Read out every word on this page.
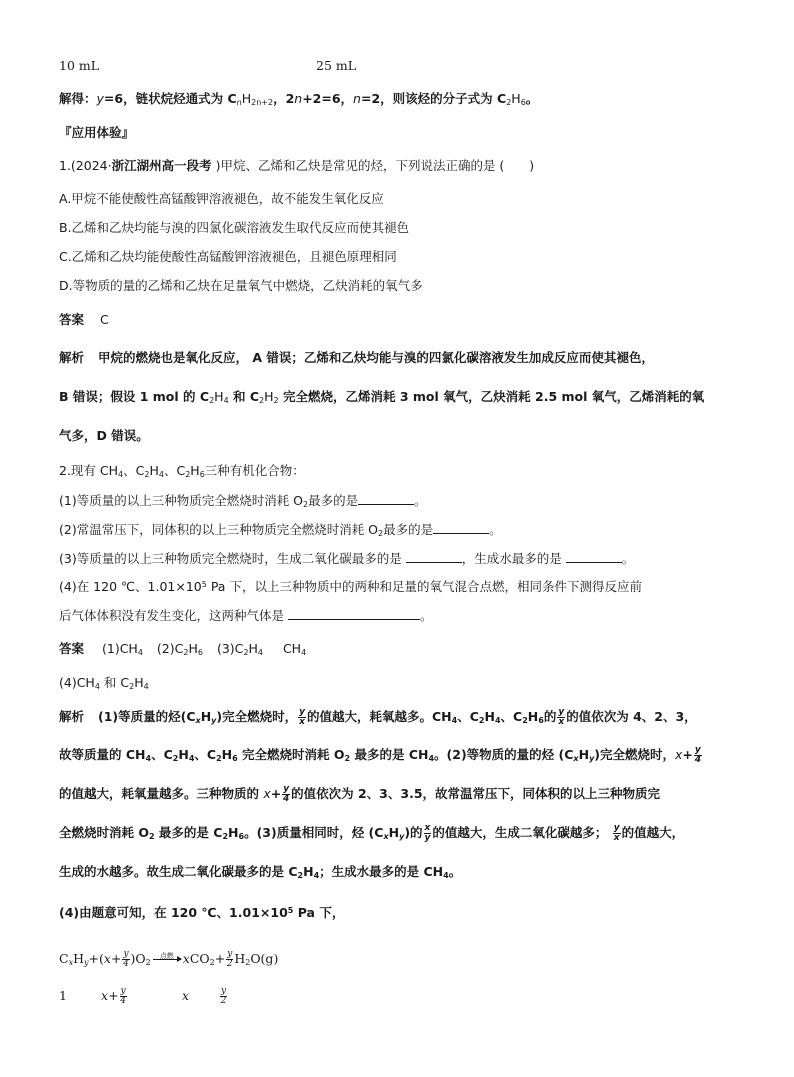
10 mL	25 mL
解得：y=6，链状烷烃通式为 $C_nH_{2n+2}$，2n+2=6，n=2，则该烃的分子式为 $C_2H_6$。
『应用体验』
1.(2024·浙江湖州高一段考 )甲烷、乙烯和乙炔是常见的烃，下列说法正确的是 (　　)
A.甲烷不能使酸性高锰酸钾溶液褪色，故不能发生氧化反应
B.乙烯和乙炔均能与溴的四氯化碳溶液发生取代反应而使其褪色
C.乙烯和乙炔均能使酸性高锰酸钾溶液褪色，且褪色原理相同
D.等物质的量的乙烯和乙炔在足量氧气中燃烧，乙炔消耗的氧气多
答案 C
解析 甲烷的燃烧也是氧化反应， A 错误；乙烯和乙炔均能与溴的四氯化碳溶液发生加成反应而使其褪色，
B 错误；假设 1 mol 的 $C_2H_4$ 和 $C_2H_2$ 完全燃烧，乙烯消耗 3 mol 氧气，乙炔消耗 2.5 mol 氧气，乙烯消耗的氧
气多，D 错误。
2.现有 $CH_4$、$C_2H_4$、$C_2H_6$三种有机化合物：
(1)等质量的以上三种物质完全燃烧时消耗 $O_2$最多的是	。
(2)常温常压下，同体积的以上三种物质完全燃烧时消耗 $O_2$最多的是	。
(3)等质量的以上三种物质完全燃烧时，生成二氧化碳最多的是	，生成水最多的是	。
(4)在 120 ℃、$1.01\times 10^5$ Pa 下，以上三种物质中的两种和足量的氧气混合点燃，相同条件下测得反应前
后气体体积没有发生变化，这两种气体是	。
答案 $(1)CH_4$ $(2)C_2H_6$ $(3)C_2H_4$ $CH_4$
$(4)CH_4$ 和 $C_2H_4$
解析 (1)等质量的烃$(C_xH_y)$完全燃烧时， $\frac{y}{x}$ 的值越大，耗氧越多。$CH_4$、$C_2H_4$、$C_2H_6$的 $\frac{y}{x}$ 的值依次为 4、2、3，
故等质量的 $CH_4$、$C_2H_4$、$C_2H_6$ 完全燃烧时消耗 $O_2$ 最多的是 $CH_4$。(2)等物质的量的烃 $(C_xH_y)$完全燃烧时，$x+ \frac{y}{4}$
的值越大，耗氧量越多。三种物质的 $x+ \frac{y}{4}$ 的值依次为 2、3、3.5，故常温常压下，同体积的以上三种物质完
全燃烧时消耗 $O_2$ 最多的是 $C_2H_6$。(3)质量相同时，烃 $(C_xH_y)$的 $\frac{x}{y}$ 的值越大，生成二氧化碳越多； $\frac{y}{x}$ 的值越大，
生成的水越多。故生成二氧化碳最多的是 $C_2H_4$；生成水最多的是 $CH_4$。
(4)由题意可知，在 120 ℃、$1.01\times 10^5$ Pa 下，
$C_xH_y+(x+ \frac{y}{4} )O_2$
点燃 $xCO_2+ \frac{y}{2} H_2O(g)$
1	$x+ \frac{y}{4}$	x	$\frac{y}{2}$
